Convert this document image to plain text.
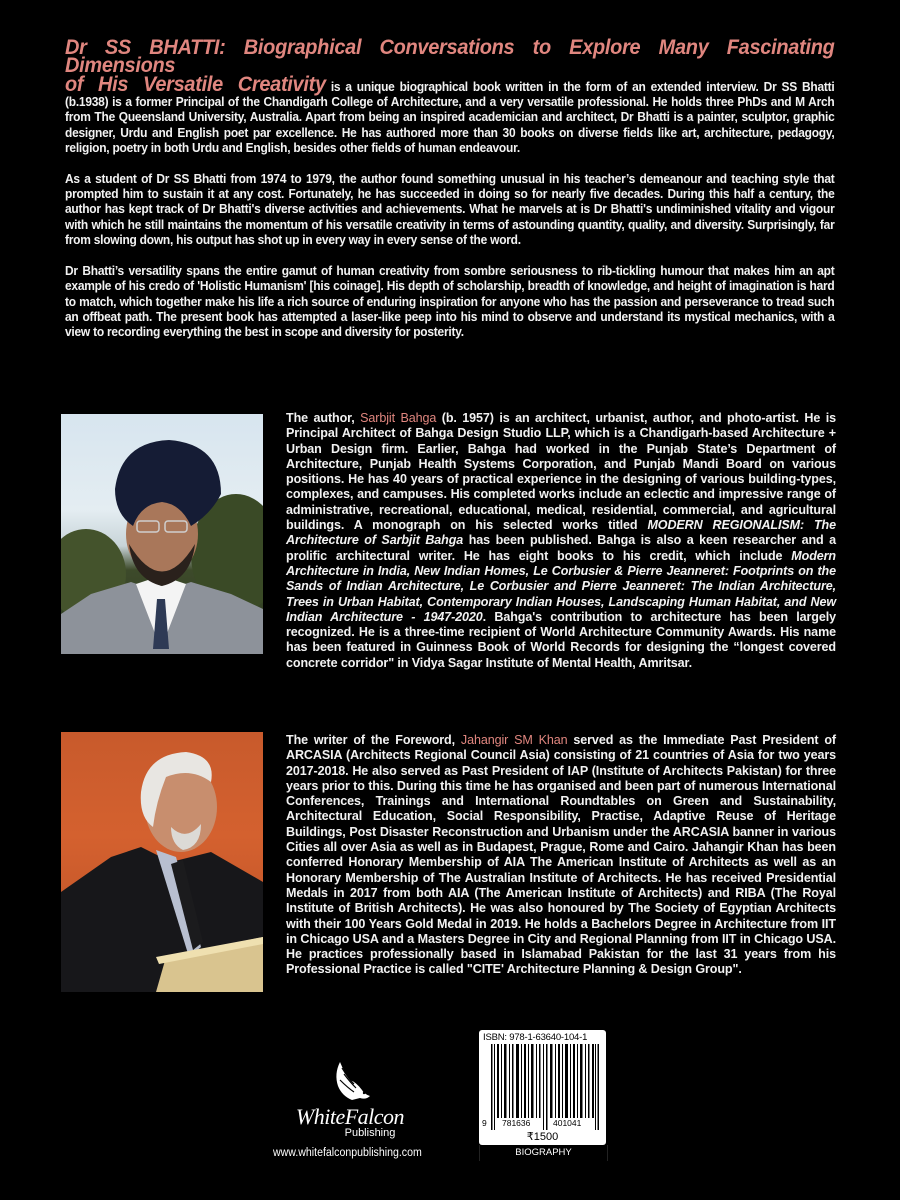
Dr SS BHATTI: Biographical Conversations to Explore Many Fascinating Dimensions
of His Versatile Creativity is a unique biographical book written in the form of an extended interview. Dr SS Bhatti (b.1938) is a former Principal of the Chandigarh College of Architecture, and a very versatile professional. He holds three PhDs and M Arch from The Queensland University, Australia. Apart from being an inspired academician and architect, Dr Bhatti is a painter, sculptor, graphic designer, Urdu and English poet par excellence. He has authored more than 30 books on diverse fields like art, architecture, pedagogy, religion, poetry in both Urdu and English, besides other fields of human endeavour.

As a student of Dr SS Bhatti from 1974 to 1979, the author found something unusual in his teacher’s demeanour and teaching style that prompted him to sustain it at any cost. Fortunately, he has succeeded in doing so for nearly five decades. During this half a century, the author has kept track of Dr Bhatti's diverse activities and achievements. What he marvels at is Dr Bhatti's undiminished vitality and vigour with which he still maintains the momentum of his versatile creativity in terms of astounding quantity, quality, and diversity. Surprisingly, far from slowing down, his output has shot up in every way in every sense of the word.

Dr Bhatti’s versatility spans the entire gamut of human creativity from sombre seriousness to rib-tickling humour that makes him an apt example of his credo of 'Holistic Humanism' [his coinage]. His depth of scholarship, breadth of knowledge, and height of imagination is hard to match, which together make his life a rich source of enduring inspiration for anyone who has the passion and perseverance to tread such an offbeat path. The present book has attempted a laser-like peep into his mind to observe and understand its mystical mechanics, with a view to recording everything the best in scope and diversity for posterity.

The author, Sarbjit Bahga (b. 1957) is an architect, urbanist, author, and photo-artist. He is Principal Architect of Bahga Design Studio LLP, which is a Chandigarh-based Architecture + Urban Design firm. Earlier, Bahga had worked in the Punjab State’s Department of Architecture, Punjab Health Systems Corporation, and Punjab Mandi Board on various positions. He has 40 years of practical experience in the designing of various building-types, complexes, and campuses. His completed works include an eclectic and impressive range of administrative, recreational, educational, medical, residential, commercial, and agricultural buildings. A monograph on his selected works titled MODERN REGIONALISM: The Architecture of Sarbjit Bahga has been published. Bahga is also a keen researcher and a prolific architectural writer. He has eight books to his credit, which include Modern Architecture in India, New Indian Homes, Le Corbusier & Pierre Jeanneret: Footprints on the Sands of Indian Architecture, Le Corbusier and Pierre Jeanneret: The Indian Architecture, Trees in Urban Habitat, Contemporary Indian Houses, Landscaping Human Habitat, and New Indian Architecture - 1947-2020. Bahga's contribution to architecture has been largely recognized. He is a three-time recipient of World Architecture Community Awards. His name has been featured in Guinness Book of World Records for designing the “longest covered concrete corridor" in Vidya Sagar Institute of Mental Health, Amritsar.

The writer of the Foreword, Jahangir SM Khan served as the Immediate Past President of ARCASIA (Architects Regional Council Asia) consisting of 21 countries of Asia for two years 2017-2018. He also served as Past President of IAP (Institute of Architects Pakistan) for three years prior to this. During this time he has organised and been part of numerous International Conferences, Trainings and International Roundtables on Green and Sustainability, Architectural Education, Social Responsibility, Practise, Adaptive Reuse of Heritage Buildings, Post Disaster Reconstruction and Urbanism under the ARCASIA banner in various Cities all over Asia as well as in Budapest, Prague, Rome and Cairo. Jahangir Khan has been conferred Honorary Membership of AIA The American Institute of Architects as well as an Honorary Membership of The Australian Institute of Architects. He has received Presidential Medals in 2017 from both AIA (The American Institute of Architects) and RIBA (The Royal Institute of British Architects). He was also honoured by The Society of Egyptian Architects with their 100 Years Gold Medal in 2019. He holds a Bachelors Degree in Architecture from IIT in Chicago USA and a Masters Degree in City and Regional Planning from IIT in Chicago USA. He practices professionally based in Islamabad Pakistan for the last 31 years from his Professional Practice is called "CITE' Architecture Planning & Design Group".

WhiteFalcon
Publishing
www.whitefalconpublishing.com
ISBN: 978-1-63640-104-1
9 781636	401041
₹1500
BIOGRAPHY
